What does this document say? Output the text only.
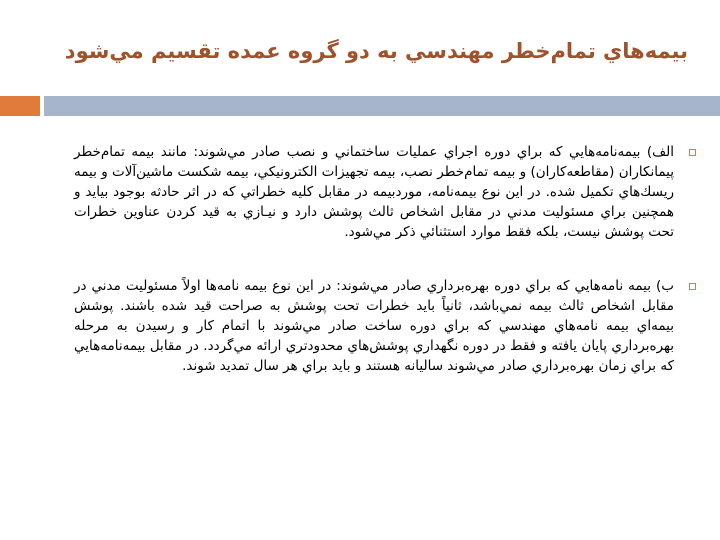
بيمه‌هاي تمام‌خطر مهندسي به دو گروه عمده تقسيم مي‌شود
الف) بيمه‌نامه‌هايي كه براي دوره اجراي عمليات ساختماني و نصب صادر مي‌شوند: مانند بيمه تمام‌خطر پيمانكاران (مقاطعه‌كاران) و بيمه تمام‌خطر نصب، بيمه تجهيزات الكترونيكي، بيمه شكست ماشين‌آلات و بيمه ريسك‌هاي تكميل شده. در اين نوع بيمه‌نامه، موردبيمه در مقابل كليه خطراتي كه در اثر حادثه بوجود بيايد و همچنين براي مسئوليت مدني در مقابل اشخاص ثالث پوشش دارد و نيـازي به قيد كردن عناوين خطرات تحت پوشش نيست، بلكه فقط موارد استثنائي ذكر مي‌شود.
ب) بيمه نامه‌هايي كه براي دوره بهره‌برداري صادر مي‌شوند: در اين نوع بيمه نامه‌ها اولاً مسئوليت مدني در مقابل اشخاص ثالث بيمه نمي‌باشد، ثانياً بايد خطرات تحت پوشش به صراحت قيد شده باشند. پوشش بيمه‌اي بيمه نامه‌هاي مهندسي كه براي دوره ساخت صادر مي‌شوند با اتمام كار و رسيدن به مرحله بهره‌برداري پايان يافته و فقط در دوره نگهداري پوشش‌هاي محدودتري ارائه مي‌گردد. در مقابل بيمه‌نامه‌هايي كه براي زمان بهره‌برداري صادر مي‌شوند ساليانه هستند و بايد براي هر سال تمديد شوند.
